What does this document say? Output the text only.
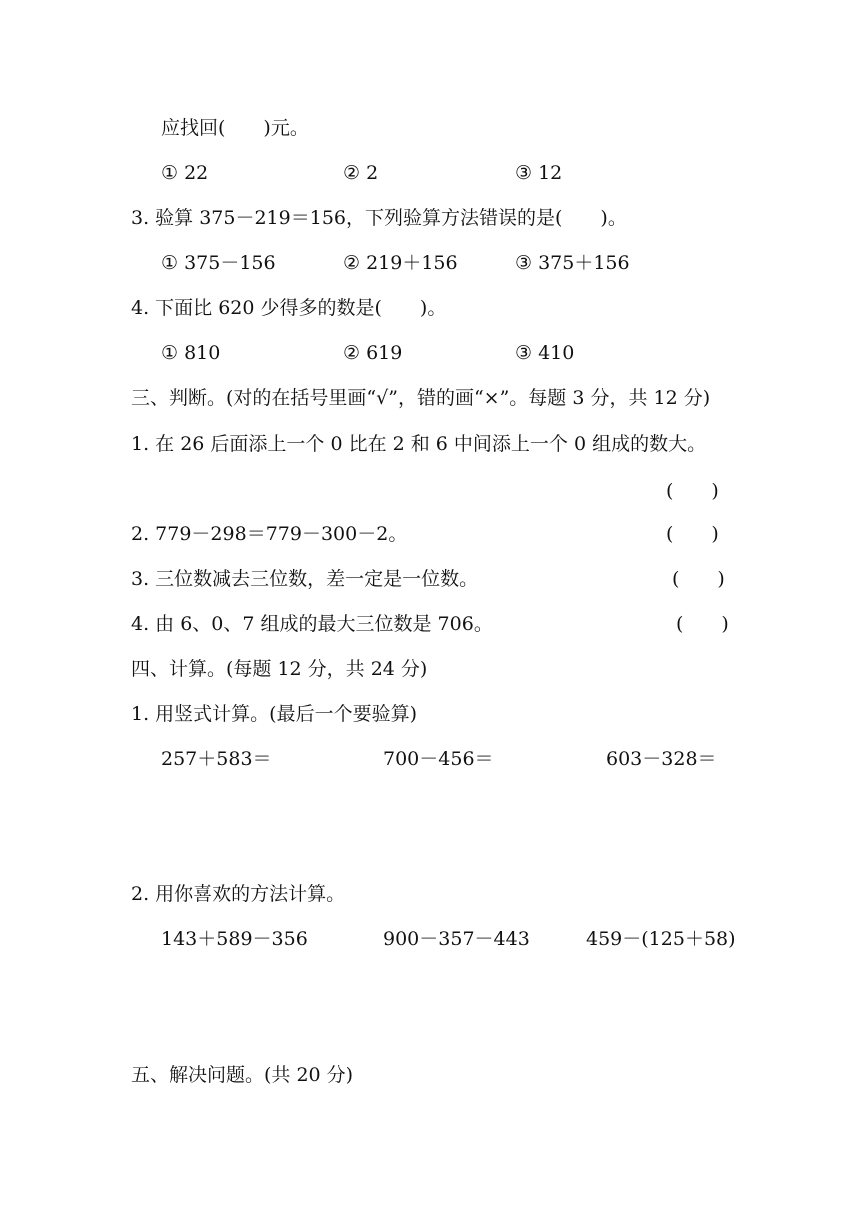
应找回(　　)元。
① 22	② 2	③ 12
3. 验算 375－219＝156，下列验算方法错误的是(　　)。
① 375－156	② 219＋156	③ 375＋156
4. 下面比 620 少得多的数是(　　)。
① 810	② 619	③ 410
三、判断。(对的在括号里画“√”，错的画“×”。每题 3 分，共 12 分)
1. 在 26 后面添上一个 0 比在 2 和 6 中间添上一个 0 组成的数大。
(　　)
2. 779－298＝779－300－2。	(　　)
3. 三位数减去三位数，差一定是一位数。	(　　)
4. 由 6、0、7 组成的最大三位数是 706。	(　　)
四、计算。(每题 12 分，共 24 分)
1. 用竖式计算。(最后一个要验算)
257＋583＝	700－456＝	603－328＝
2. 用你喜欢的方法计算。
143＋589－356	900－357－443	459－(125＋58)
五、解决问题。(共 20 分)
